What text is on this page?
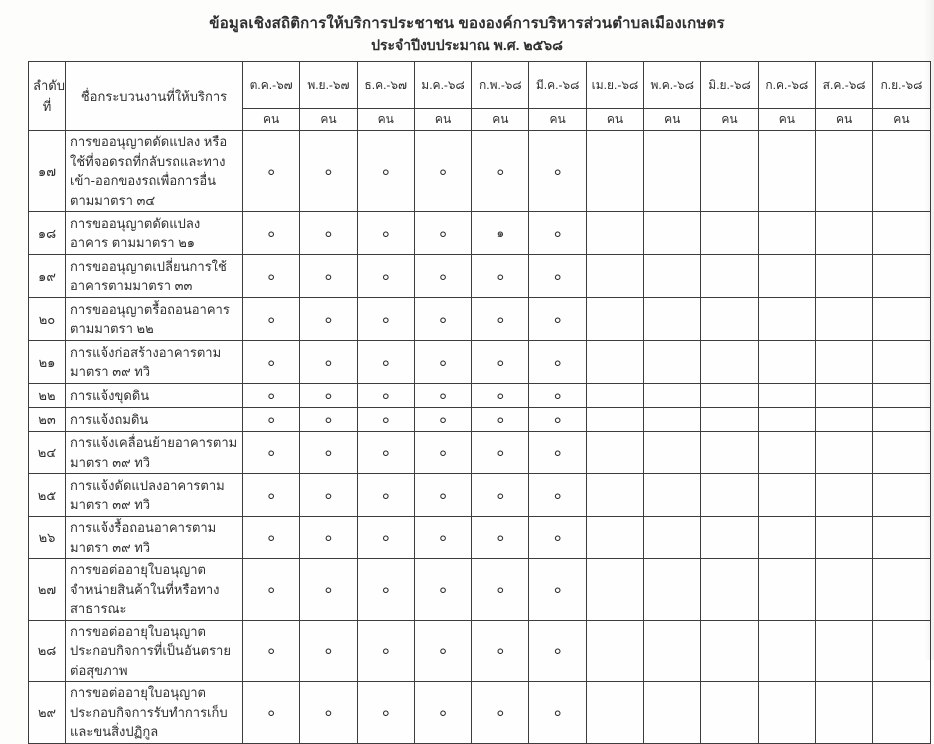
ข้อมูลเชิงสถิติการให้บริการประชาชน ขององค์การบริหารส่วนตำบลเมืองเกษตร
ประจำปีงบประมาณ พ.ศ. ๒๕๖๘
ลำดับที่	ชื่อกระบวนงานที่ให้บริการ	ต.ค.-๖๗	พ.ย.-๖๗	ธ.ค.-๖๗	ม.ค.-๖๘	ก.พ.-๖๘	มี.ค.-๖๘	เม.ย.-๖๘	พ.ค.-๖๘	มิ.ย.-๖๘	ก.ค.-๖๘	ส.ค.-๖๘	ก.ย.-๖๘
		คน	คน	คน	คน	คน	คน	คน	คน	คน	คน	คน	คน
๑๗	การขออนุญาตดัดแปลง หรือใช้ที่จอดรถที่กลับรถและทางเข้า-ออกของรถเพื่อการอื่นตามมาตรา ๓๔	๐	๐	๐	๐	๐	๐						
๑๘	การขออนุญาตดัดแปลงอาคาร ตามมาตรา ๒๑	๐	๐	๐	๐	๑	๐						
๑๙	การขออนุญาตเปลี่ยนการใช้อาคารตามมาตรา ๓๓	๐	๐	๐	๐	๐	๐						
๒๐	การขออนุญาตรื้อถอนอาคาร ตามมาตรา ๒๒	๐	๐	๐	๐	๐	๐						
๒๑	การแจ้งก่อสร้างอาคารตามมาตรา ๓๙ ทวิ	๐	๐	๐	๐	๐	๐						
๒๒	การแจ้งขุดดิน	๐	๐	๐	๐	๐	๐						
๒๓	การแจ้งถมดิน	๐	๐	๐	๐	๐	๐						
๒๔	การแจ้งเคลื่อนย้ายอาคารตามมาตรา ๓๙ ทวิ	๐	๐	๐	๐	๐	๐						
๒๕	การแจ้งดัดแปลงอาคารตามมาตรา ๓๙ ทวิ	๐	๐	๐	๐	๐	๐						
๒๖	การแจ้งรื้อถอนอาคารตามมาตรา ๓๙ ทวิ	๐	๐	๐	๐	๐	๐						
๒๗	การขอต่ออายุใบอนุญาตจำหน่ายสินค้าในที่หรือทางสาธารณะ	๐	๐	๐	๐	๐	๐						
๒๘	การขอต่ออายุใบอนุญาตประกอบกิจการที่เป็นอันตรายต่อสุขภาพ	๐	๐	๐	๐	๐	๐						
๒๙	การขอต่ออายุใบอนุญาตประกอบกิจการรับทำการเก็บและขนสิ่งปฏิกูล	๐	๐	๐	๐	๐	๐						
